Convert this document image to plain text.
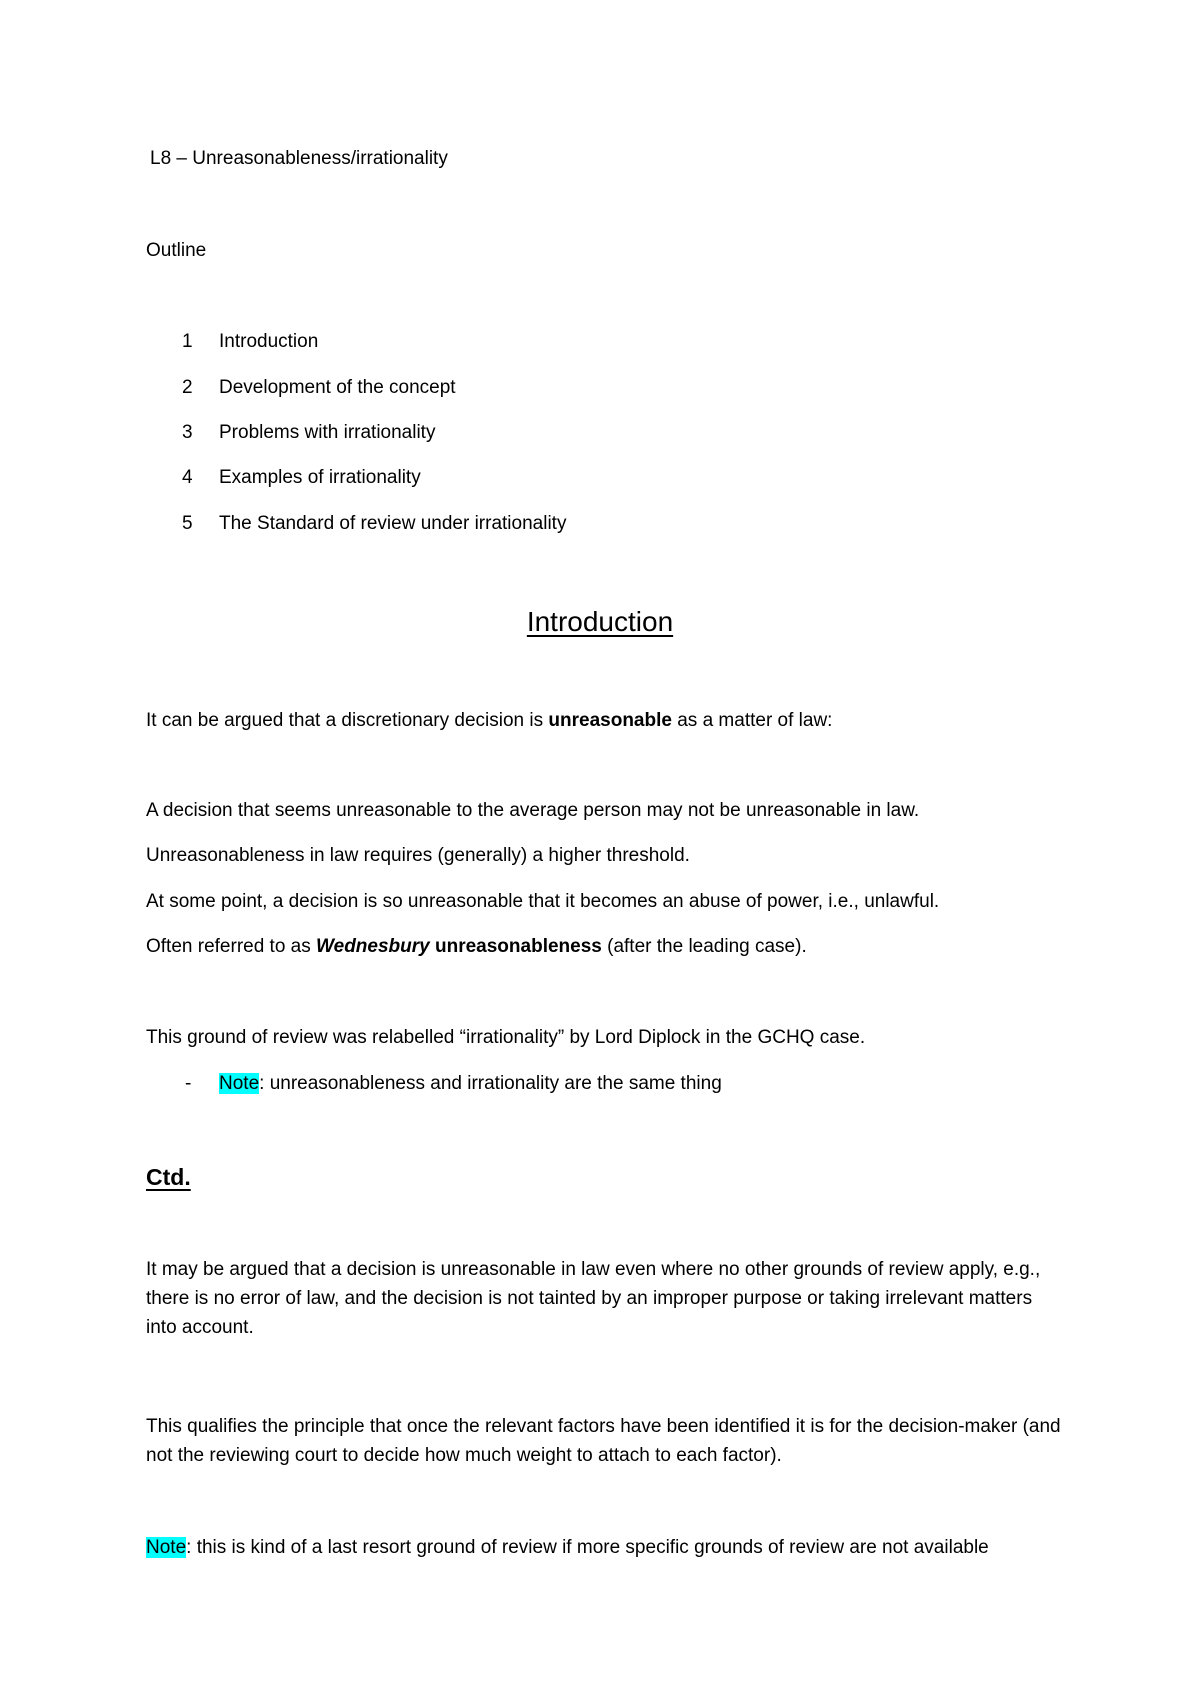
L8 – Unreasonableness/irrationality
Outline
1 Introduction
2 Development of the concept
3 Problems with irrationality
4 Examples of irrationality
5 The Standard of review under irrationality
Introduction
It can be argued that a discretionary decision is unreasonable as a matter of law:
A decision that seems unreasonable to the average person may not be unreasonable in law.
Unreasonableness in law requires (generally) a higher threshold.
At some point, a decision is so unreasonable that it becomes an abuse of power, i.e., unlawful.
Often referred to as Wednesbury unreasonableness (after the leading case).
This ground of review was relabelled “irrationality” by Lord Diplock in the GCHQ case.
- Note: unreasonableness and irrationality are the same thing
Ctd.
It may be argued that a decision is unreasonable in law even where no other grounds of review apply, e.g., there is no error of law, and the decision is not tainted by an improper purpose or taking irrelevant matters into account.
This qualifies the principle that once the relevant factors have been identified it is for the decision-maker (and not the reviewing court to decide how much weight to attach to each factor).
Note: this is kind of a last resort ground of review if more specific grounds of review are not available
